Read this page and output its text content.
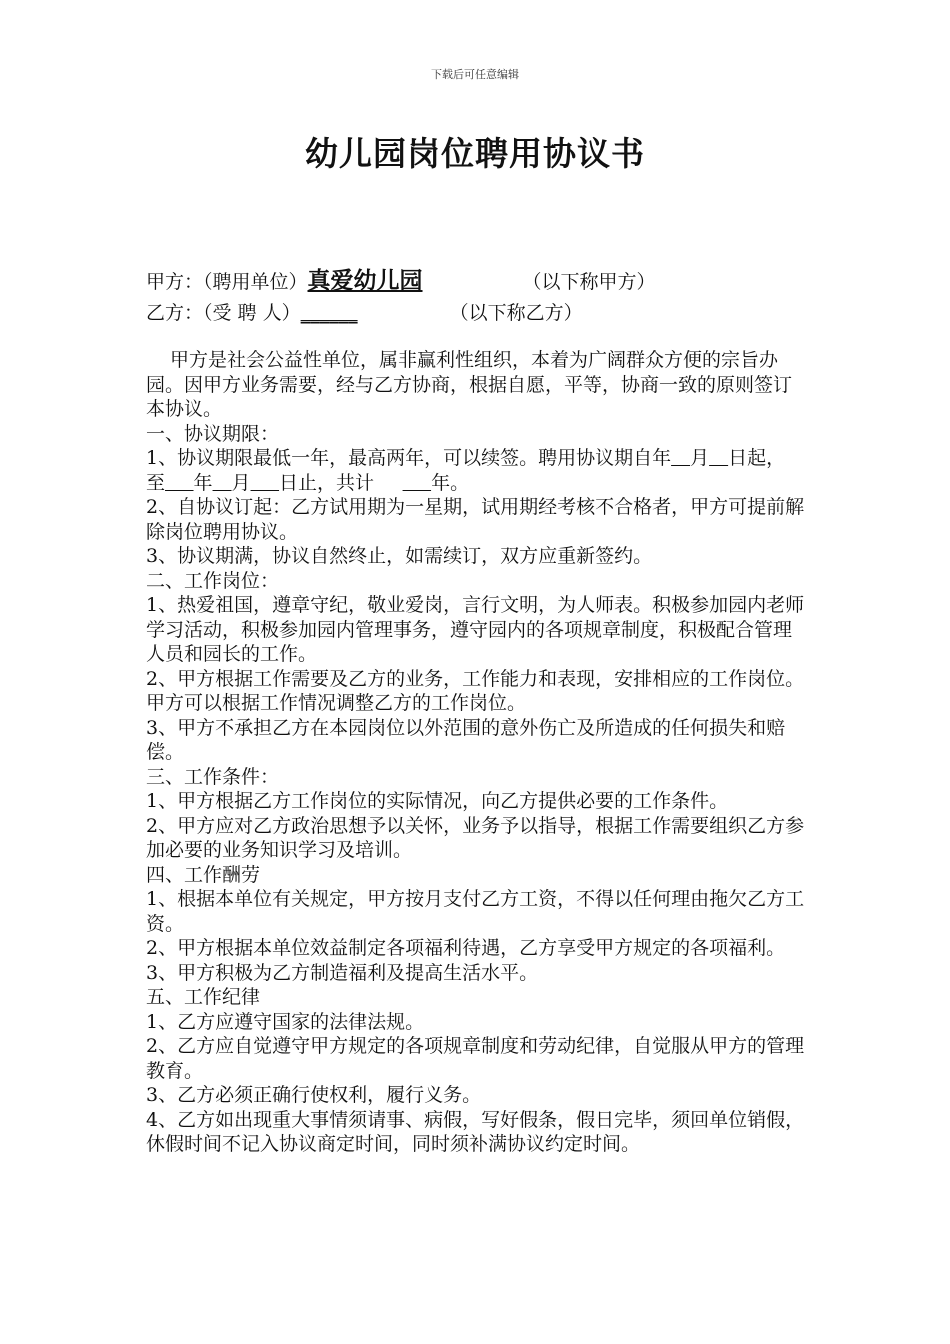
下载后可任意编辑
幼儿园岗位聘用协议书
甲方：（聘用单位）真爱幼儿园	（以下称甲方）
乙方：（受 聘 人）______	（以下称乙方）

甲方是社会公益性单位，属非赢利性组织，本着为广阔群众方便的宗旨办园。因甲方业务需要，经与乙方协商，根据自愿，平等，协商一致的原则签订本协议。

一、协议期限：

1、协议期限最低一年，最高两年，可以续签。聘用协议期自年  月  日起，至   年  月   日止，共计    	年。

2、自协议订起：乙方试用期为一星期，试用期经考核不合格者，甲方可提前解除岗位聘用协议。

3、协议期满，协议自然终止，如需续订，双方应重新签约。

二、工作岗位：

1、热爱祖国，遵章守纪，敬业爱岗，言行文明，为人师表。积极参加园内老师学习活动，积极参加园内管理事务，遵守园内的各项规章制度，积极配合管理人员和园长的工作。

2、甲方根据工作需要及乙方的业务，工作能力和表现，安排相应的工作岗位。甲方可以根据工作情况调整乙方的工作岗位。

3、甲方不承担乙方在本园岗位以外范围的意外伤亡及所造成的任何损失和赔偿。

三、工作条件：

1、甲方根据乙方工作岗位的实际情况，向乙方提供必要的工作条件。

2、甲方应对乙方政治思想予以关怀，业务予以指导，根据工作需要组织乙方参加必要的业务知识学习及培训。

四、工作酬劳

1、根据本单位有关规定，甲方按月支付乙方工资，不得以任何理由拖欠乙方工资。

2、甲方根据本单位效益制定各项福利待遇，乙方享受甲方规定的各项福利。

3、甲方积极为乙方制造福利及提高生活水平。

五、工作纪律

1、乙方应遵守国家的法律法规。

2、乙方应自觉遵守甲方规定的各项规章制度和劳动纪律，自觉服从甲方的管理教育。

3、乙方必须正确行使权利，履行义务。

4、乙方如出现重大事情须请事、病假，写好假条，假日完毕，须回单位销假，休假时间不记入协议商定时间，同时须补满协议约定时间。
